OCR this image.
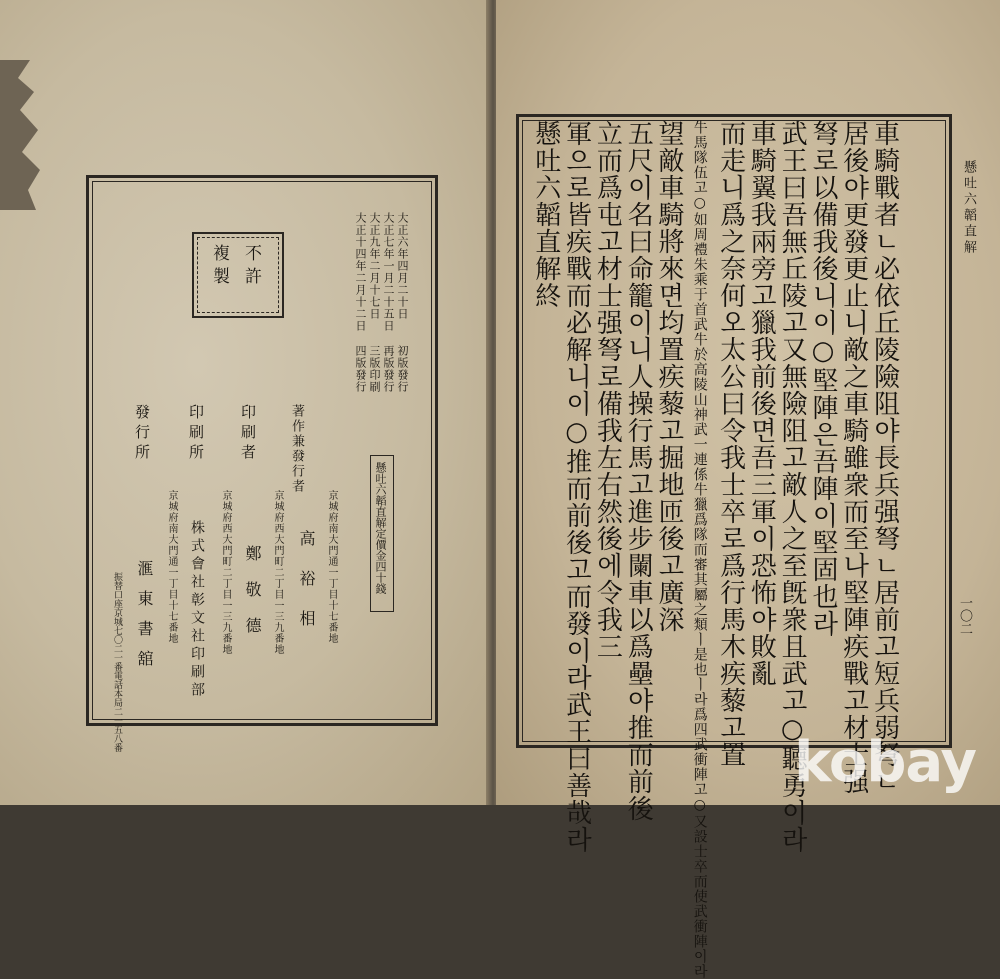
不許
複製	大正六年四月二十日
大正七年一月二十五日
大正九年二月十七日
大正十四年二月十二日
初版發行
再版發行
三版印刷
四版發行
懸吐六韜直解定價金四十錢
著作兼發行者
印刷者
印刷所
發行所
京城府南大門通一丁目十七番地
京城府西大門町二丁目一三九番地
京城府西大門町二丁目一三九番地
京城府南大門通一丁目十七番地	高裕相
鄭敬德
株式會社彰文社印刷部
滙東書舘
振替口座京城七〇二一番電話本局二一五八番
懸吐六韜直解
一〇二
車騎戰者ㄴ必依丘陵險阻야長兵强弩ㄴ居前고短兵弱弩ㄴ
居後야更發更止니敵之車騎雖衆而至나堅陣疾戰고材士强
弩로以備我後니이○堅陣은吾陣이堅固也라
武王曰吾無丘陵고又無險阻고敵人之至旣衆且武고○聽勇이라
車騎翼我兩旁고獵我前後면吾三軍이恐怖야敗亂
而走니爲之奈何오太公曰令我士卒로爲行馬木疾藜고置
牛馬隊伍고○如周禮朱乘于首武牛於高陵山神武一連係牛獵爲隊而審其屬之類ㅣ是也ㅣ라爲四武衝陣고○又設士卒而使武衝陣이라
望敵車騎將來면均置疾藜고掘地匝後고廣深
五尺이名曰命籠이니人操行馬고進步闌車以爲壘야推而前後
立而爲屯고材士强弩로備我左右然後에令我三
軍으로皆疾戰而必解니이○推而前後고而發이라武王曰善哉라
懸吐六韜直解終
kobay
